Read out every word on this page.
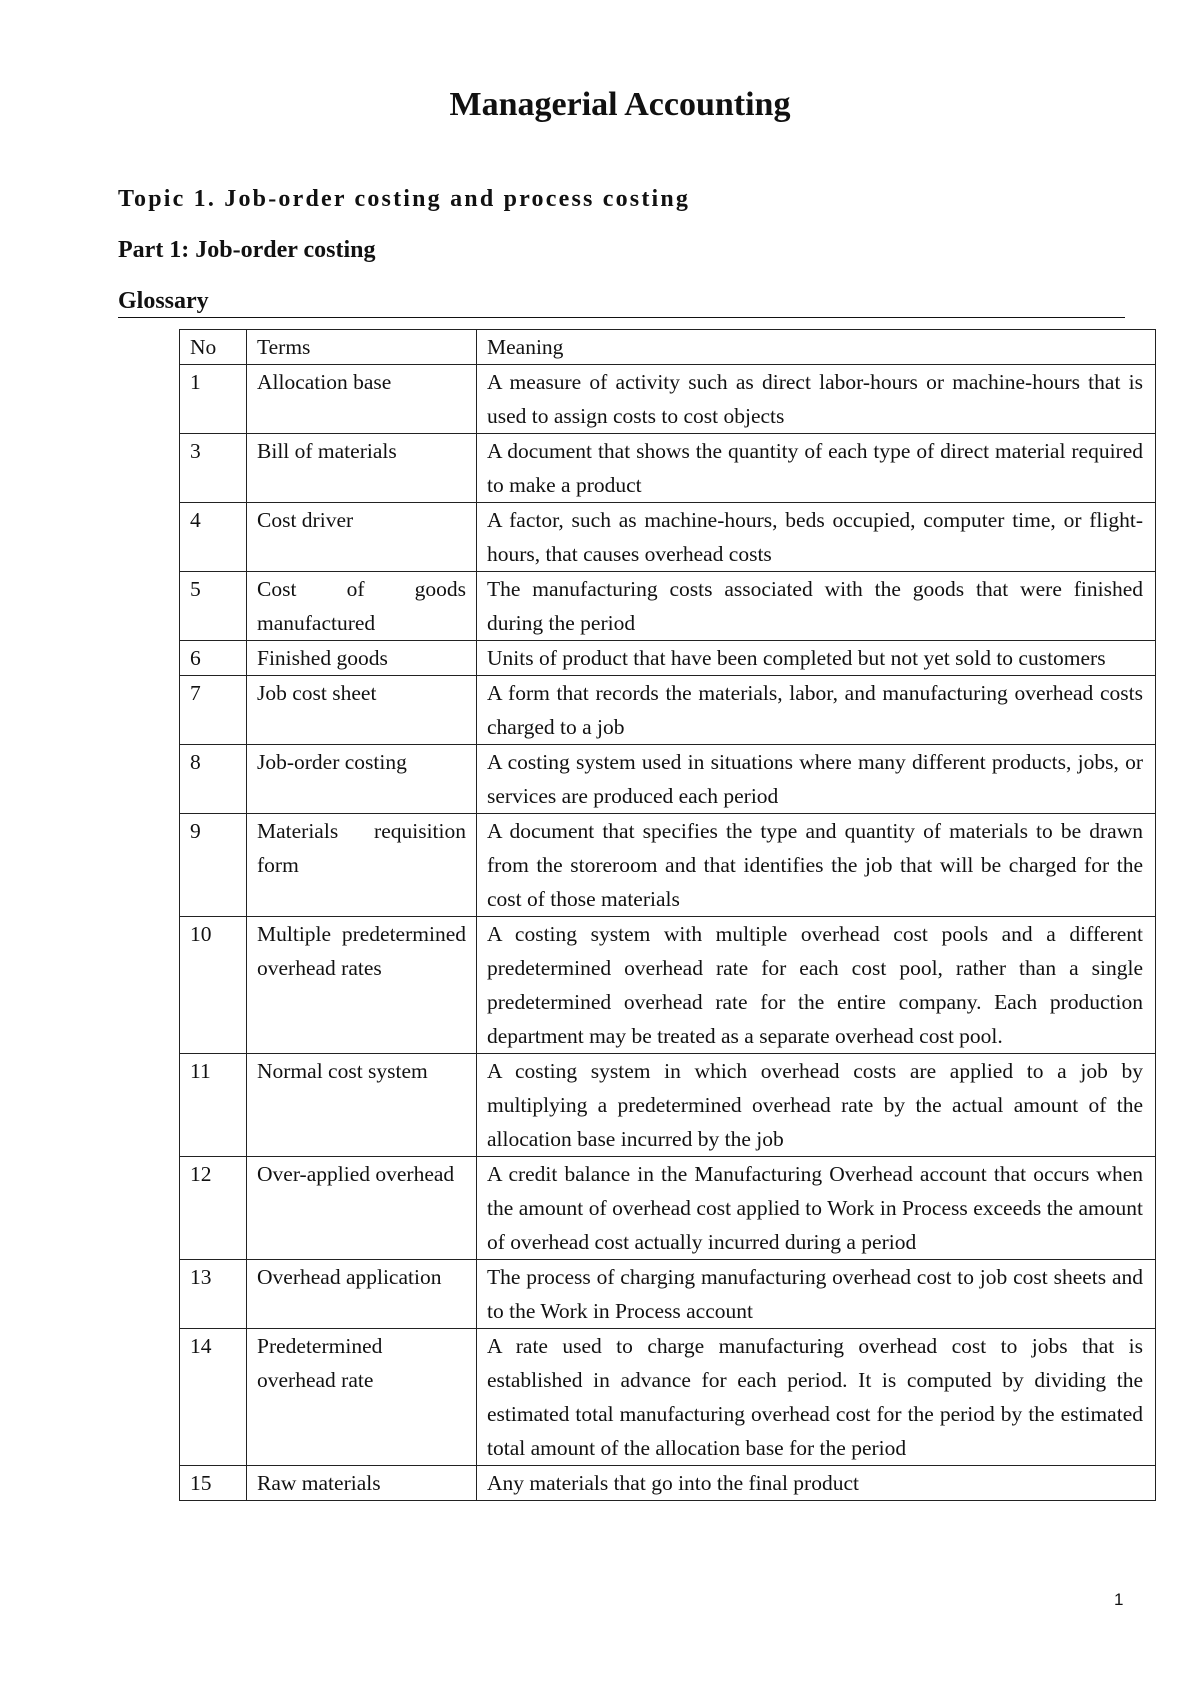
Managerial Accounting
Topic 1. Job-order costing and process costing
Part 1: Job-order costing
Glossary
No	Terms	Meaning
1	Allocation base	A measure of activity such as direct labor-hours or machine-hours that is used to assign costs to cost objects
3	Bill of materials	A document that shows the quantity of each type of direct material required to make a product
4	Cost driver	A factor, such as machine-hours, beds occupied, computer time, or flight-hours, that causes overhead costs
5	Cost of goods manufactured	The manufacturing costs associated with the goods that were finished during the period
6	Finished goods	Units of product that have been completed but not yet sold to customers
7	Job cost sheet	A form that records the materials, labor, and manufacturing overhead costs charged to a job
8	Job-order costing	A costing system used in situations where many different products, jobs, or services are produced each period
9	Materials requisition form	A document that specifies the type and quantity of materials to be drawn from the storeroom and that identifies the job that will be charged for the cost of those materials
10	Multiple predetermined overhead rates	A costing system with multiple overhead cost pools and a different predetermined overhead rate for each cost pool, rather than a single predetermined overhead rate for the entire company. Each production department may be treated as a separate overhead cost pool.
11	Normal cost system	A costing system in which overhead costs are applied to a job by multiplying a predetermined overhead rate by the actual amount of the allocation base incurred by the job
12	Over-applied overhead	A credit balance in the Manufacturing Overhead account that occurs when the amount of overhead cost applied to Work in Process exceeds the amount of overhead cost actually incurred during a period
13	Overhead application	The process of charging manufacturing overhead cost to job cost sheets and to the Work in Process account
14	Predetermined overhead rate	A rate used to charge manufacturing overhead cost to jobs that is established in advance for each period. It is computed by dividing the estimated total manufacturing overhead cost for the period by the estimated total amount of the allocation base for the period
15	Raw materials	Any materials that go into the final product
1
